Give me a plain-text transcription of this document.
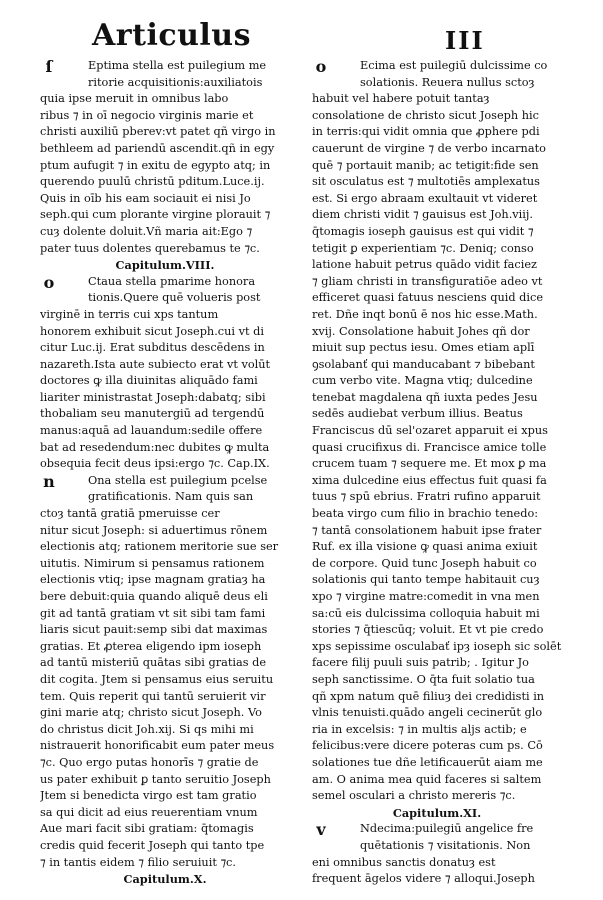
Articulus	III
ſ	Eptima stella est puilegium me
ritorie acquisitionis:auxiliatois
quia ipse meruit in omnibus labo
ribus ⁊ in oī negocio virginis marie et
christi auxiliū pberev:vt patet qñ virgo in
bethleem ad pariendū ascendit.qñ in egy
ptum aufugit ⁊ in exitu de egypto atq; in
querendo puulū christū pditum.Luce.ij.
Quis in oīb his eam sociauit ei nisi Jo
seph.qui cum plorante virgine plorauit ⁊
cuȝ dolente doluit.Vñ maria ait:Ego ⁊
pater tuus dolentes querebamus te ⁊c.
Capitulum.VIII.
o	Ctaua stella pmarime honora
tionis.Quere quē volueris post
virginē in terris cui xps tantum
honorem exhibuit sicut Joseph.cui vt di
citur Luc.ij. Erat subditus descēdens in
nazareth.Ista aute subiecto erat vt volūt
doctores ꝙ illa diuinitas aliquādo fami
liariter ministrastat Joseph:dabatq; sibi
thobaliam seu manutergiū ad tergendū
manus:aquā ad lauandum:sedile offere
bat ad resedendum:nec dubites ꝙ multa
obsequia fecit deus ipsi:ergo ⁊c. Cap.IX.
n	Ona stella est puilegium pcelse
gratificationis. Nam quis san
ctoȝ tantā gratiā pmeruisse cer
nitur sicut Joseph: si aduertimus rōnem
electionis atq; rationem meritorie sue ser
uitutis. Nimirum si pensamus rationem
electionis vtiq; ipse magnam gratiaȝ ha
bere debuit:quia quando aliquē deus eli
git ad tantā gratiam vt sit sibi tam fami
liaris sicut pauit:semp sibi dat maximas
gratias. Et ꝓterea eligendo ipm ioseph
ad tantū misteriū quātas sibi gratias de
dit cogita. Jtem si pensamus eius seruitu
tem. Quis reperit qui tantū seruierit vir
gini marie atq; christo sicut Joseph. Vo
do christus dicit Joh.xij. Si qs mihi mi
nistrauerit honorificabit eum pater meus
⁊c. Quo ergo putas honorīs ⁊ gratie de
us pater exhibuit ꝑ tanto seruitio Joseph
Jtem si benedicta virgo est tam gratio
sa qui dicit ad eius reuerentiam vnum
Aue mari facit sibi gratiam: q̄tomagis
credis quid fecerit Joseph qui tanto tpe
⁊ in tantis eidem ⁊ filio seruiuit ⁊c.
Capitulum.X.
o	Ecima est puilegiū dulcissime co
solationis. Reuera nullus sctoȝ
habuit vel habere potuit tantaȝ
consolatione de christo sicut Joseph hic
in terris:qui vidit omnia que ꝓphere pdi
cauerunt de virgine ⁊ de verbo incarnato
quē ⁊ portauit manib; ac tetigit:fide sen
sit osculatus est ⁊ multotiēs amplexatus
est. Si ergo abraam exultauit vt videret
diem christi vidit ⁊ gauisus est Joh.viij.
q̄tomagis ioseph gauisus est qui vidit ⁊
tetigit ꝑ experientiam ⁊c. Deniq; conso
latione habuit petrus quādo vidit faciez
⁊ gliam christi in transfiguratiōe adeo vt
efficeret quasi fatuus nesciens quid dice
ret. Dñe inqt bonū ē nos hic esse.Math.
xvij. Consolatione habuit Johes qñ dor
miuit sup pectus iesu. Omes etiam aplī
ꝯsolabanť qui manducabant ⁊ bibebant
cum verbo vite. Magna vtiq; dulcedine
tenebat magdalena qñ iuxta pedes Jesu
sedēs audiebat verbum illius. Beatus
Franciscus dū sel'ozaret apparuit ei xpus
quasi crucifixus di. Francisce amice tolle
crucem tuam ⁊ sequere me. Et mox ꝑ ma
xima dulcedine eius effectus fuit quasi fa
tuus ⁊ spū ebrius. Fratri rufino apparuit
beata virgo cum filio in brachio tenedo:
⁊ tantā consolationem habuit ipse frater
Ruf. ex illa visione ꝙ quasi anima exiuit
de corpore. Quid tunc Joseph habuit co
solationis qui tanto tempe habitauit cuȝ
xpo ⁊ virgine matre:comedit in vna men
sa:cū eis dulcissima colloquia habuit mi
stories ⁊ q̄tiescūq; voluit. Et vt pie credo
xps sepissime osculabať ipȝ ioseph sic solēt
facere filij puuli suis patrib; . Igitur Jo
seph sanctissime. O q̄ta fuit solatio tua
qñ xpm natum quē filiuȝ dei credidisti in
vlnis tenuisti.quādo angeli cecinerūt glo
ria in excelsis: ⁊ in multis aljs actib; e
felicibus:vere dicere poteras cum ps. Cō
solationes tue dñe letificauerūt aiam me
am. O anima mea quid faceres si saltem
semel osculari a christo mereris ⁊c.
Capitulum.XI.
v	Ndecima:puilegiū angelice fre
quētationis ⁊ visitationis. Non
eni omnibus sanctis donatuȝ est
frequent āgelos videre ⁊ alloqui.Joseph
